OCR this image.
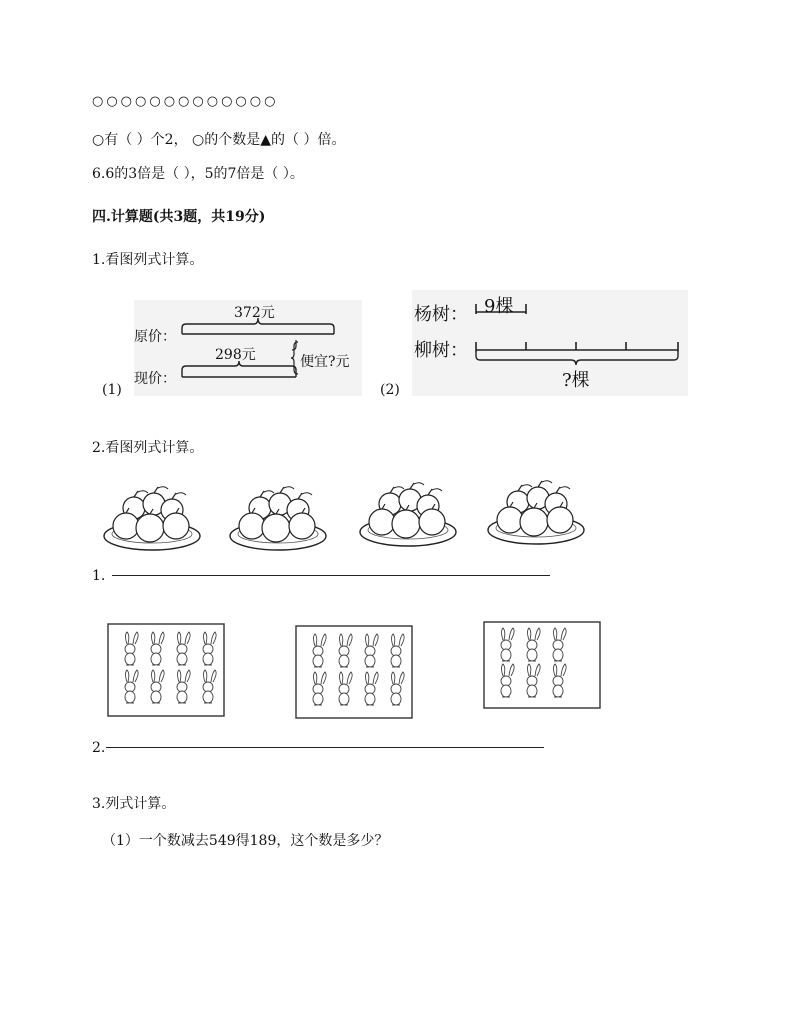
○○○○○○○○○○○○○
○有（ ）个2， ○的个数是▲的（ ）倍。
6.6的3倍是（ ），5的7倍是（ ）。
四.计算题(共3题，共19分)
1.看图列式计算。
372元
原价：
298元
现价：
便宜?元
(1)
杨树： 9棵
柳树：
?棵
(2)
2.看图列式计算。
1.
2.
3.列式计算。
（1）一个数减去549得189，这个数是多少？
